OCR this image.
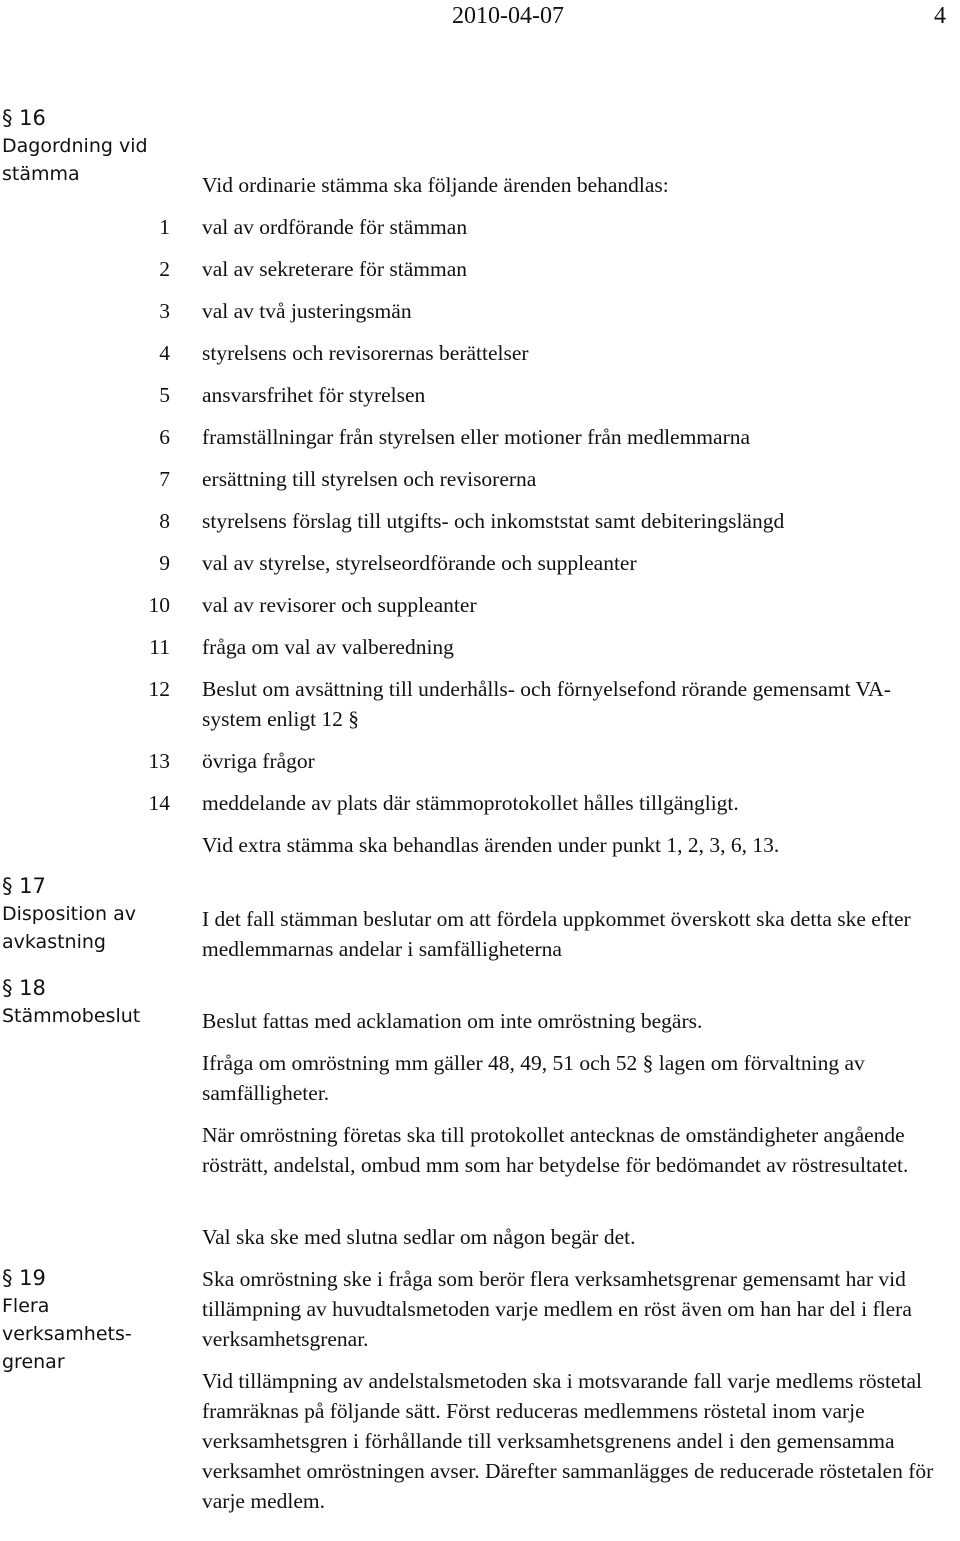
2010-04-07	4
§ 16
Dagordning vid stämma
§ 17
Disposition av avkastning
§ 18
Stämmobeslut
§ 19
Flera verksamhets-grenar
Vid ordinarie stämma ska följande ärenden behandlas:
1 val av ordförande för stämman
2 val av sekreterare för stämman
3 val av två justeringsmän
4 styrelsens och revisorernas berättelser
5 ansvarsfrihet för styrelsen
6 framställningar från styrelsen eller motioner från medlemmarna
7 ersättning till styrelsen och revisorerna
8 styrelsens förslag till utgifts- och inkomststat samt debiteringslängd
9 val av styrelse, styrelseordförande och suppleanter
10 val av revisorer och suppleanter
11 fråga om val av valberedning
12 Beslut om avsättning till underhålls- och förnyelsefond rörande gemensamt VA-system enligt 12 §
13 övriga frågor
14 meddelande av plats där stämmoprotokollet hålles tillgängligt.
Vid extra stämma ska behandlas ärenden under punkt 1, 2, 3, 6, 13.
I det fall stämman beslutar om att fördela uppkommet överskott ska detta ske efter medlemmarnas andelar i samfälligheterna
Beslut fattas med acklamation om inte omröstning begärs.
Ifråga om omröstning mm gäller 48, 49, 51 och 52 § lagen om förvaltning av samfälligheter.
När omröstning företas ska till protokollet antecknas de omständigheter angående rösträtt, andelstal, ombud mm som har betydelse för bedömandet av röstresultatet.
Val ska ske med slutna sedlar om någon begär det.
Ska omröstning ske i fråga som berör flera verksamhetsgrenar gemensamt har vid tillämpning av huvudtalsmetoden varje medlem en röst även om han har del i flera verksamhetsgrenar.
Vid tillämpning av andelstalsmetoden ska i motsvarande fall varje medlems röstetal framräknas på följande sätt. Först reduceras medlemmens röstetal inom varje verksamhetsgren i förhållande till verksamhetsgrenens andel i den gemensamma verksamhet omröstningen avser. Därefter sammanlägges de reducerade röstetalen för varje medlem.
